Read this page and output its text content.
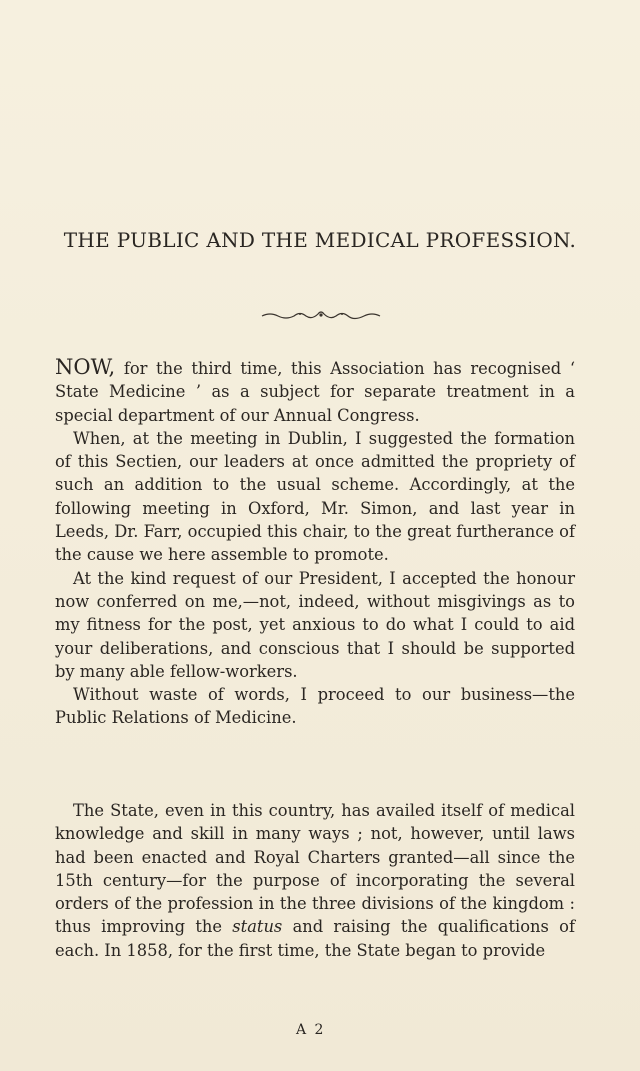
THE PUBLIC AND THE MEDICAL PROFESSION.

NOW, for the third time, this Association has recognised ‘ State Medicine ’ as a subject for separate treatment in a special department of our Annual Congress.

When, at the meeting in Dublin, I suggested the formation of this Sectien, our leaders at once admitted the propriety of such an addition to the usual scheme. Accordingly, at the following meeting in Oxford, Mr. Simon, and last year in Leeds, Dr. Farr, occupied this chair, to the great furtherance of the cause we here assemble to promote.

At the kind request of our President, I accepted the honour now conferred on me,—not, indeed, without misgivings as to my fitness for the post, yet anxious to do what I could to aid your deliberations, and conscious that I should be supported by many able fellow-workers.

Without waste of words, I proceed to our business—the Public Relations of Medicine.

The State, even in this country, has availed itself of medical knowledge and skill in many ways ; not, however, until laws had been enacted and Royal Charters granted—all since the 15th century—for the purpose of incorporating the several orders of the profession in the three divisions of the kingdom : thus improving the status and raising the qualifications of each. In 1858, for the first time, the State began to provide

A 2
